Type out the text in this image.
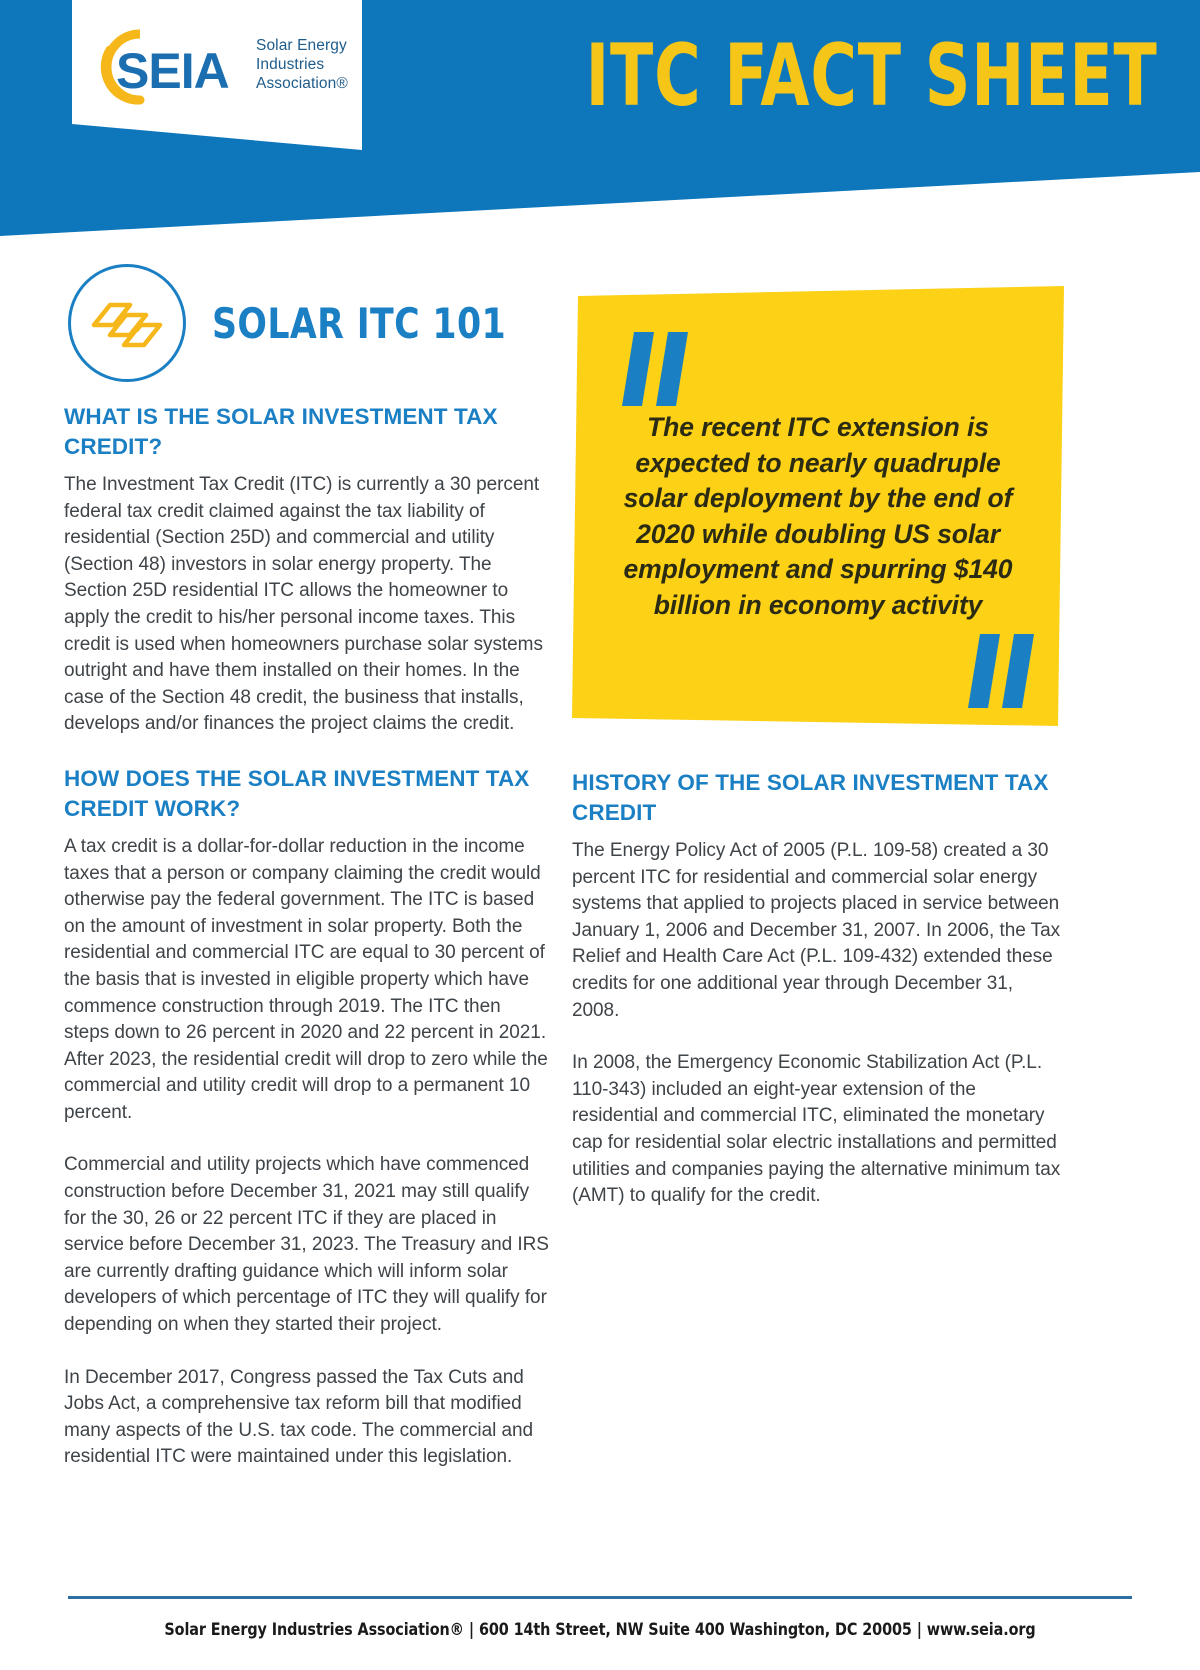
SEIA Solar Energy
Industries
Association®	ITC FACT SHEET
SOLAR ITC 101
WHAT IS THE SOLAR INVESTMENT TAX CREDIT?

The Investment Tax Credit (ITC) is currently a 30 percent federal tax credit claimed against the tax liability of residential (Section 25D) and commercial and utility (Section 48) investors in solar energy property. The Section 25D residential ITC allows the homeowner to apply the credit to his/her personal income taxes. This credit is used when homeowners purchase solar systems outright and have them installed on their homes. In the case of the Section 48 credit, the business that installs, develops and/or finances the project claims the credit.

HOW DOES THE SOLAR INVESTMENT TAX CREDIT WORK?

A tax credit is a dollar-for-dollar reduction in the income taxes that a person or company claiming the credit would otherwise pay the federal government. The ITC is based on the amount of investment in solar property. Both the residential and commercial ITC are equal to 30 percent of the basis that is invested in eligible property which have commence construction through 2019. The ITC then steps down to 26 percent in 2020 and 22 percent in 2021. After 2023, the residential credit will drop to zero while the commercial and utility credit will drop to a permanent 10 percent.

Commercial and utility projects which have commenced construction before December 31, 2021 may still qualify for the 30, 26 or 22 percent ITC if they are placed in service before December 31, 2023. The Treasury and IRS are currently drafting guidance which will inform solar developers of which percentage of ITC they will qualify for depending on when they started their project.

In December 2017, Congress passed the Tax Cuts and Jobs Act, a comprehensive tax reform bill that modified many aspects of the U.S. tax code. The commercial and residential ITC were maintained under this legislation.

The recent ITC extension is expected to nearly quadruple solar deployment by the end of 2020 while doubling US solar employment and spurring $140 billion in economy activity
HISTORY OF THE SOLAR INVESTMENT TAX CREDIT

The Energy Policy Act of 2005 (P.L. 109-58) created a 30 percent ITC for residential and commercial solar energy systems that applied to projects placed in service between January 1, 2006 and December 31, 2007. In 2006, the Tax Relief and Health Care Act (P.L. 109-432) extended these credits for one additional year through December 31, 2008.

In 2008, the Emergency Economic Stabilization Act (P.L. 110-343) included an eight-year extension of the residential and commercial ITC, eliminated the monetary cap for residential solar electric installations and permitted utilities and companies paying the alternative minimum tax (AMT) to qualify for the credit.

Solar Energy Industries Association® | 600 14th Street, NW Suite 400 Washington, DC 20005 | www.seia.org
